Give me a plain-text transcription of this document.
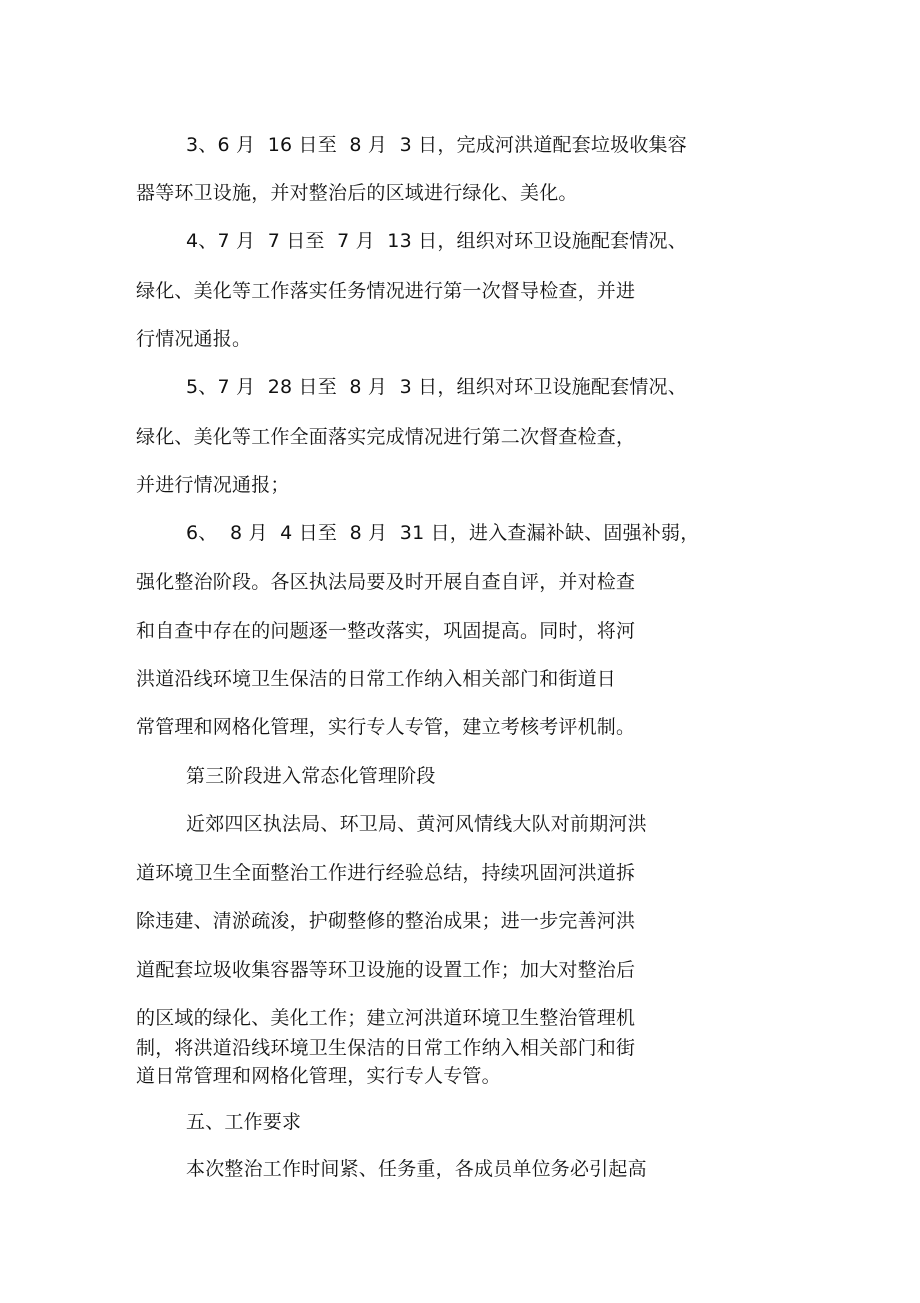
3、6 月  16 日至  8 月  3 日，完成河洪道配套垃圾收集容
器等环卫设施，并对整治后的区域进行绿化、美化。
4、7 月  7 日至  7 月  13 日，组织对环卫设施配套情况、
绿化、美化等工作落实任务情况进行第一次督导检查，并进
行情况通报。
5、7 月  28 日至  8 月  3 日，组织对环卫设施配套情况、
绿化、美化等工作全面落实完成情况进行第二次督查检查，
并进行情况通报；
6、  8 月  4 日至  8 月  31 日，进入查漏补缺、固强补弱，
强化整治阶段。各区执法局要及时开展自查自评，并对检查
和自查中存在的问题逐一整改落实，巩固提高。同时，将河
洪道沿线环境卫生保洁的日常工作纳入相关部门和街道日
常管理和网格化管理，实行专人专管，建立考核考评机制。
第三阶段进入常态化管理阶段
近郊四区执法局、环卫局、黄河风情线大队对前期河洪
道环境卫生全面整治工作进行经验总结，持续巩固河洪道拆
除违建、清淤疏浚，护砌整修的整治成果；进一步完善河洪
道配套垃圾收集容器等环卫设施的设置工作；加大对整治后
的区域的绿化、美化工作；建立河洪道环境卫生整治管理机
制，将洪道沿线环境卫生保洁的日常工作纳入相关部门和街
道日常管理和网格化管理，实行专人专管。
五、工作要求
本次整治工作时间紧、任务重，各成员单位务必引起高
